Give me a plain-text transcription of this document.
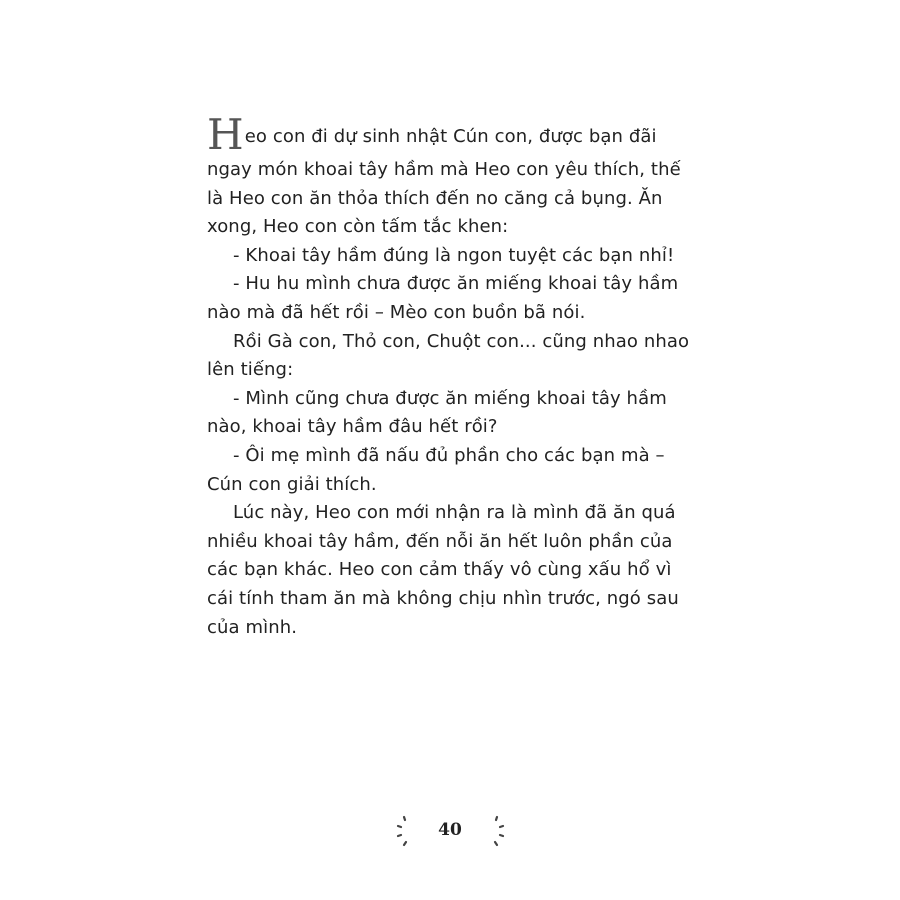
Heo con đi dự sinh nhật Cún con, được bạn đãi

ngay món khoai tây hầm mà Heo con yêu thích, thế

là Heo con ăn thỏa thích đến no căng cả bụng. Ăn

xong, Heo con còn tấm tắc khen:

- Khoai tây hầm đúng là ngon tuyệt các bạn nhỉ!

- Hu hu mình chưa được ăn miếng khoai tây hầm

nào mà đã hết rồi – Mèo con buồn bã nói.

Rồi Gà con, Thỏ con, Chuột con... cũng nhao nhao

lên tiếng:

- Mình cũng chưa được ăn miếng khoai tây hầm

nào, khoai tây hầm đâu hết rồi?

- Ôi mẹ mình đã nấu đủ phần cho các bạn mà –

Cún con giải thích.

Lúc này, Heo con mới nhận ra là mình đã ăn quá

nhiều khoai tây hầm, đến nỗi ăn hết luôn phần của

các bạn khác. Heo con cảm thấy vô cùng xấu hổ vì

cái tính tham ăn mà không chịu nhìn trước, ngó sau

của mình.

40
